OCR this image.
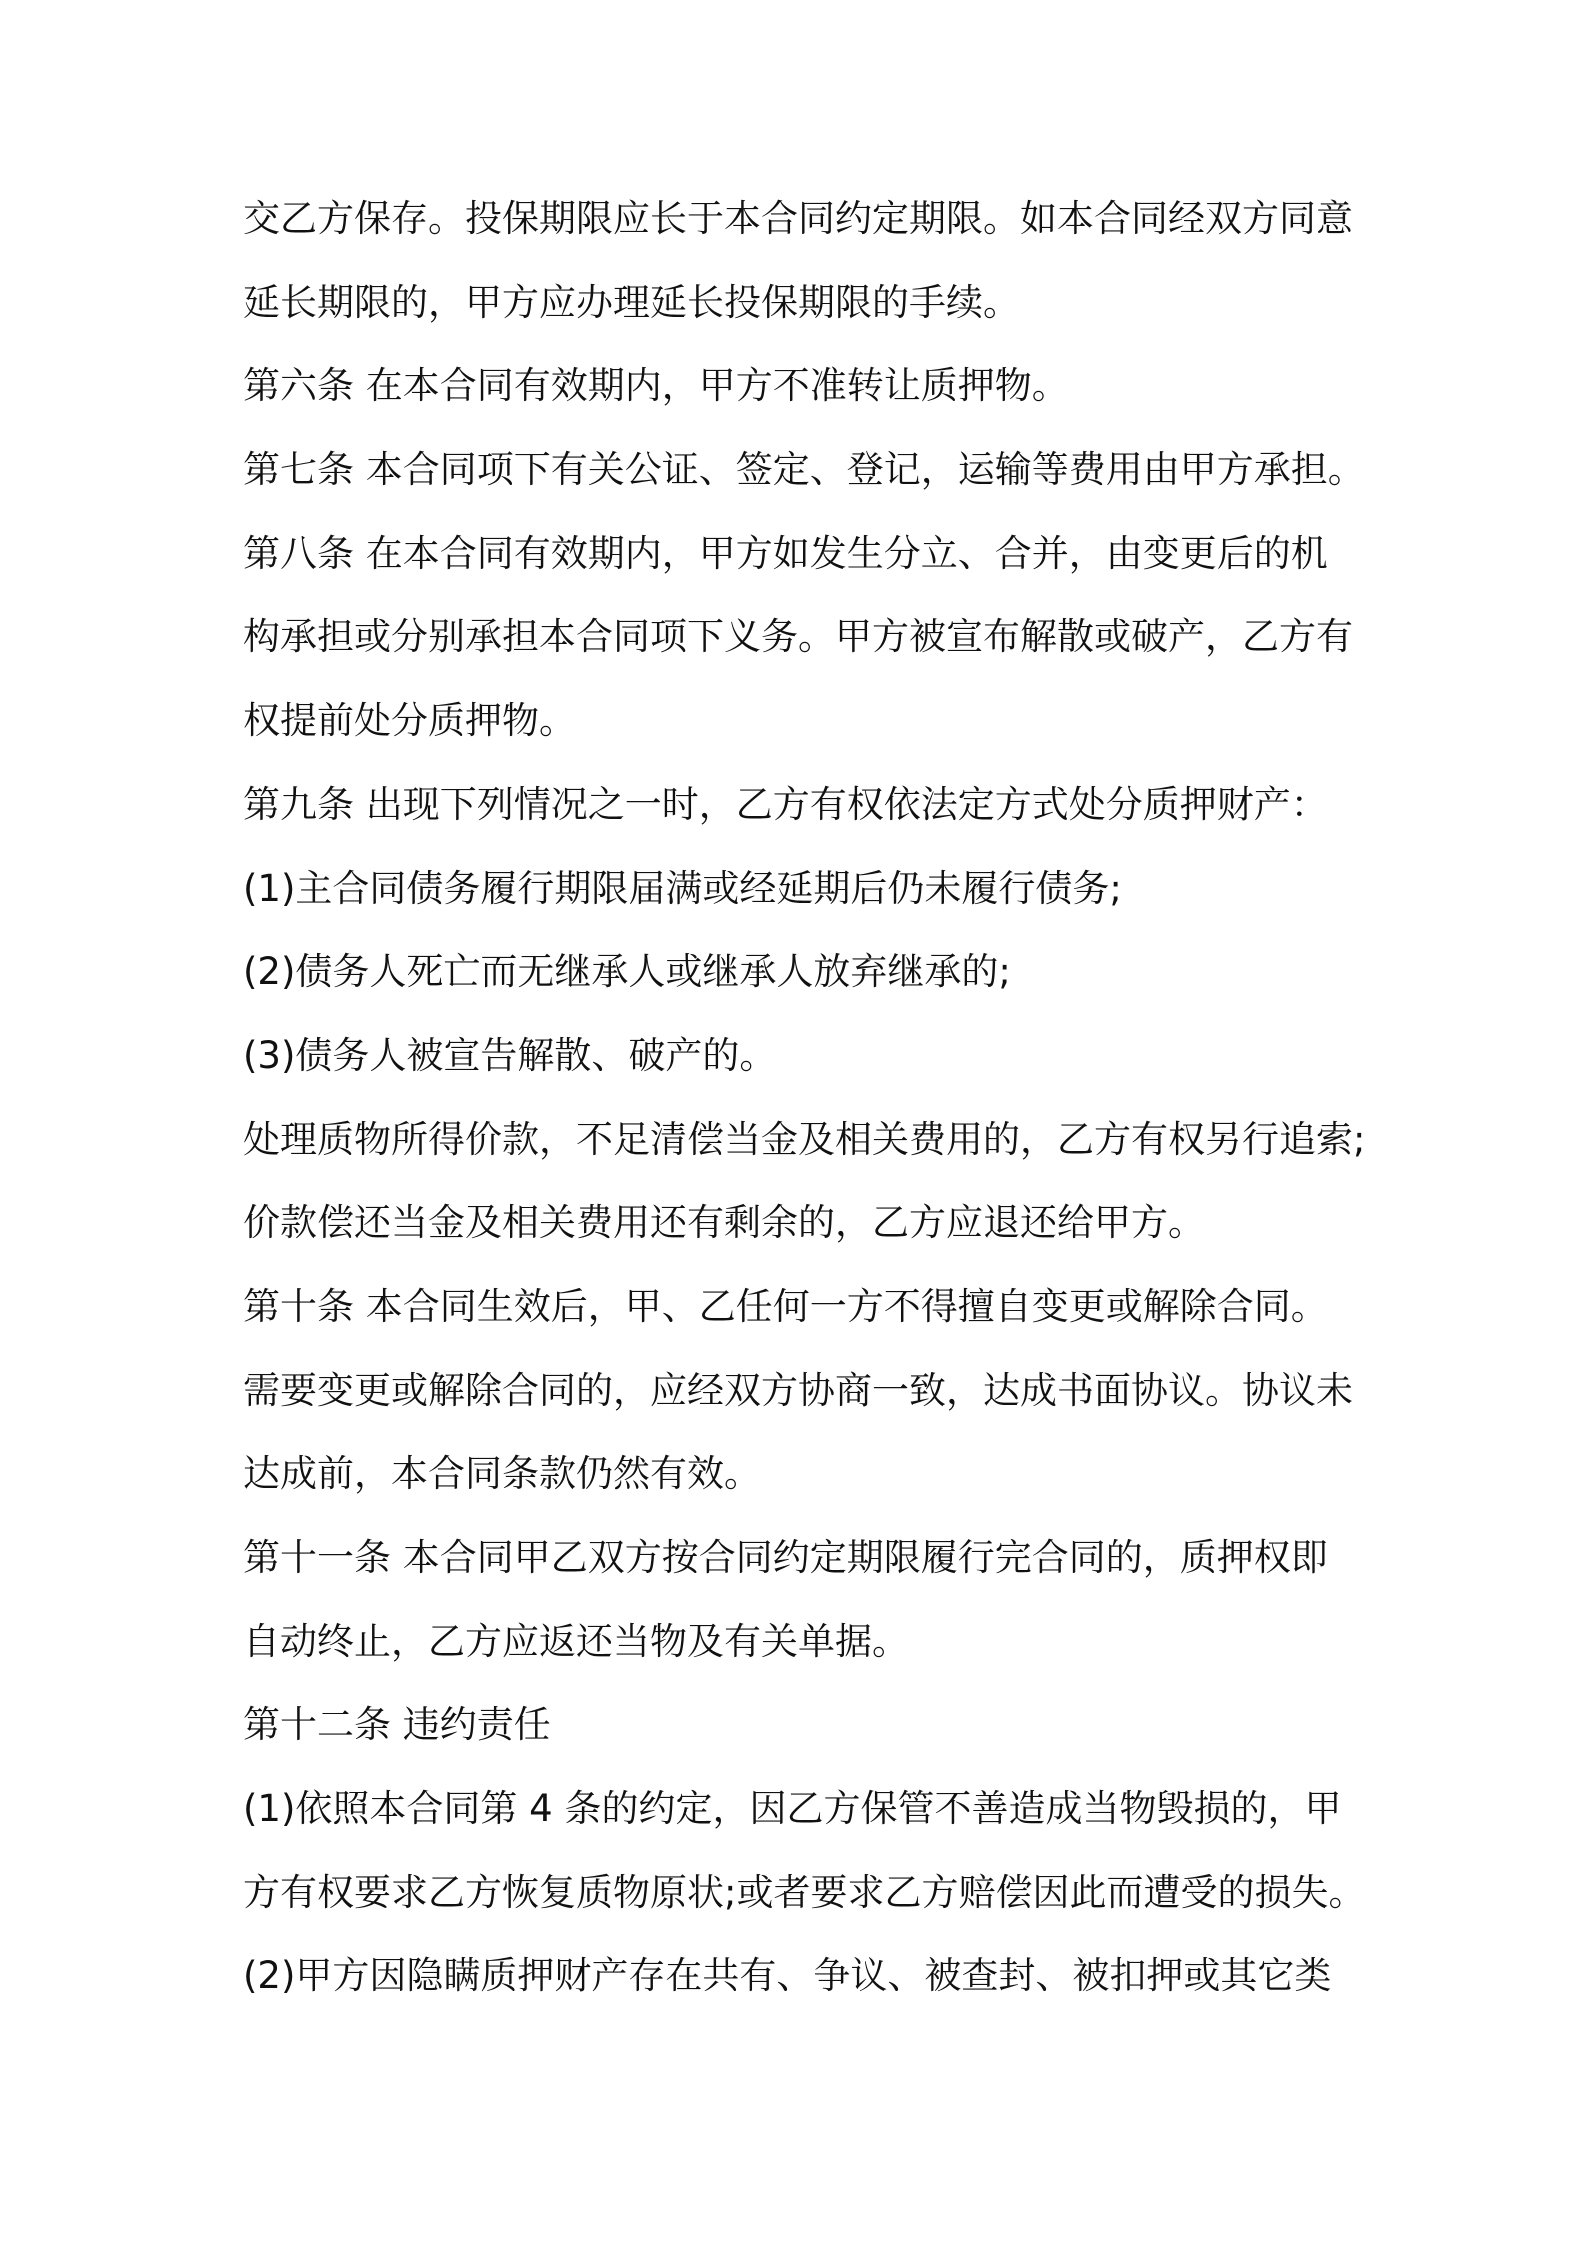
交乙方保存。投保期限应长于本合同约定期限。如本合同经双方同意
延长期限的，甲方应办理延长投保期限的手续。
第六条 在本合同有效期内，甲方不准转让质押物。
第七条 本合同项下有关公证、签定、登记，运输等费用由甲方承担。
第八条 在本合同有效期内，甲方如发生分立、合并，由变更后的机
构承担或分别承担本合同项下义务。甲方被宣布解散或破产，乙方有
权提前处分质押物。
第九条 出现下列情况之一时，乙方有权依法定方式处分质押财产：
(1)主合同债务履行期限届满或经延期后仍未履行债务;
(2)债务人死亡而无继承人或继承人放弃继承的;
(3)债务人被宣告解散、破产的。
处理质物所得价款，不足清偿当金及相关费用的，乙方有权另行追索;
价款偿还当金及相关费用还有剩余的，乙方应退还给甲方。
第十条 本合同生效后，甲、乙任何一方不得擅自变更或解除合同。
需要变更或解除合同的，应经双方协商一致，达成书面协议。协议未
达成前，本合同条款仍然有效。
第十一条 本合同甲乙双方按合同约定期限履行完合同的，质押权即
自动终止，乙方应返还当物及有关单据。
第十二条 违约责任
(1)依照本合同第 4 条的约定，因乙方保管不善造成当物毁损的，甲
方有权要求乙方恢复质物原状;或者要求乙方赔偿因此而遭受的损失。
(2)甲方因隐瞒质押财产存在共有、争议、被查封、被扣押或其它类
